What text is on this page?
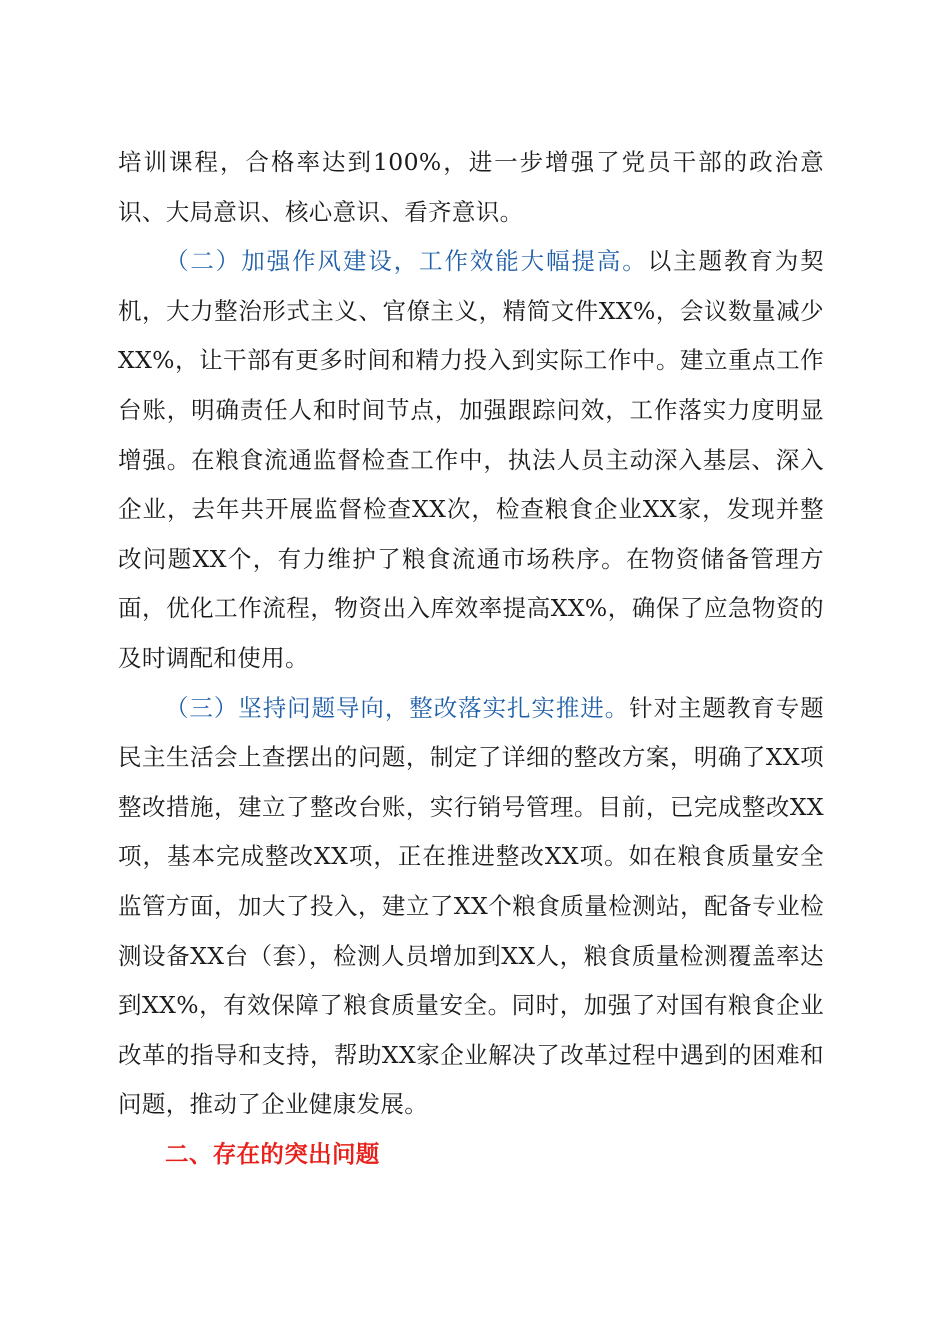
培训课程，合格率达到100%，进一步增强了党员干部的政治意识、大局意识、核心意识、看齐意识。

（二）加强作风建设，工作效能大幅提高。以主题教育为契机，大力整治形式主义、官僚主义，精简文件XX%，会议数量减少XX%，让干部有更多时间和精力投入到实际工作中。建立重点工作台账，明确责任人和时间节点，加强跟踪问效，工作落实力度明显增强。在粮食流通监督检查工作中，执法人员主动深入基层、深入企业，去年共开展监督检查XX次，检查粮食企业XX家，发现并整改问题XX个，有力维护了粮食流通市场秩序。在物资储备管理方面，优化工作流程，物资出入库效率提高XX%，确保了应急物资的及时调配和使用。

（三）坚持问题导向，整改落实扎实推进。针对主题教育专题民主生活会上查摆出的问题，制定了详细的整改方案，明确了XX项整改措施，建立了整改台账，实行销号管理。目前，已完成整改XX项，基本完成整改XX项，正在推进整改XX项。如在粮食质量安全监管方面，加大了投入，建立了XX个粮食质量检测站，配备专业检测设备XX台（套），检测人员增加到XX人，粮食质量检测覆盖率达到XX%，有效保障了粮食质量安全。同时，加强了对国有粮食企业改革的指导和支持，帮助XX家企业解决了改革过程中遇到的困难和问题，推动了企业健康发展。

二、存在的突出问题
